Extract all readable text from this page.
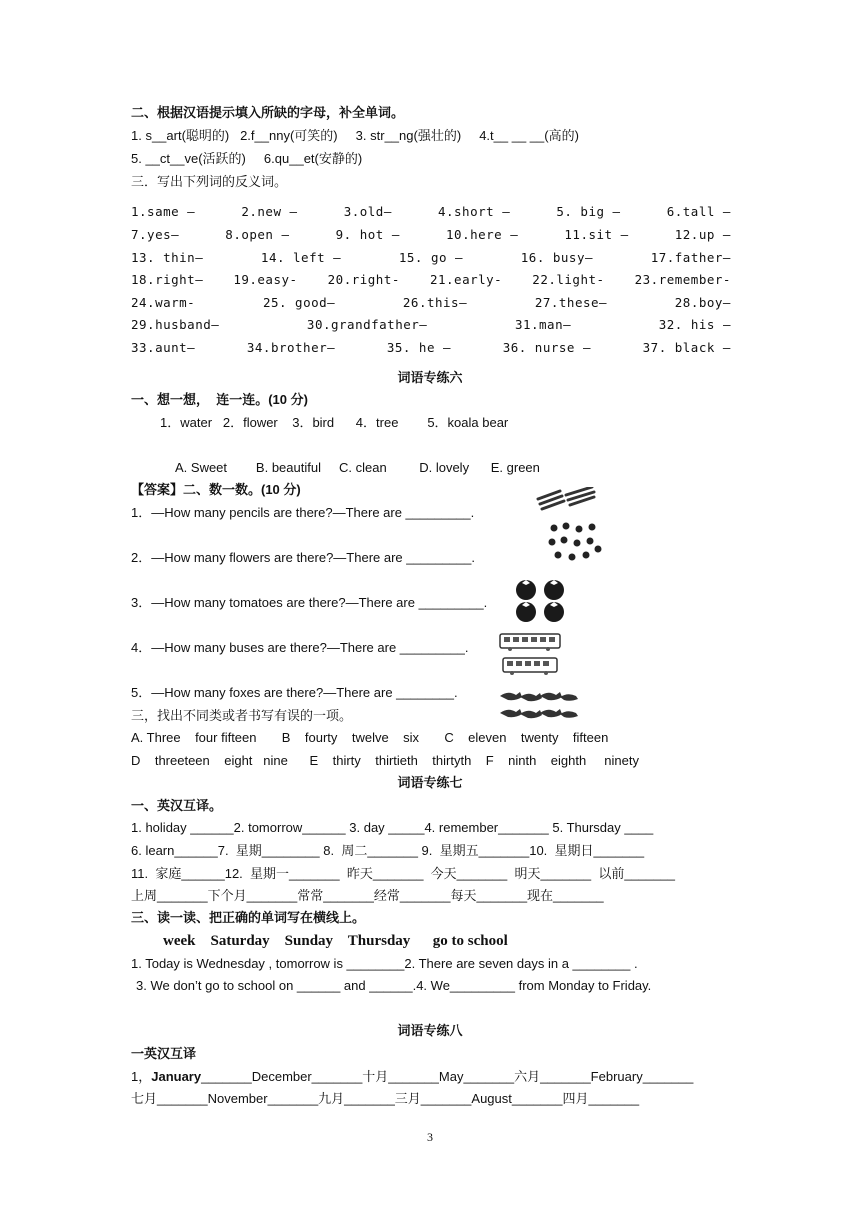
二、根据汉语提示填入所缺的字母，补全单词。
1. s__art(聪明的)   2.f__nny(可笑的)     3. str__ng(强壮的)     4.t__ __ __(高的)
5. __ct__ve(活跃的)     6.qu__et(安静的)
三．写出下列词的反义词。
1.same —	2.new —	3.old—	4.short —	5. big —	6.tall —
7.yes—	8.open —	9. hot —	10.here —	11.sit —	12.up —
13. thin—	14. left —	15. go —	16. busy—	17.father—
18.right— 19.easy- 20.right- 21.early- 22.light- 23.remember-
24.warm-	25. good—	26.this—	27.these—	28.boy—
29.husband—	30.grandfather—	31.man—	32. his —
33.aunt—	34.brother—	35. he —	36. nurse —	37. black —
词语专练六
一、想一想，  连一连。(10 分)
1．water   2．flower    3．bird      4．tree        5．koala bear
A. Sweet        B. beautiful     C. clean         D. lovely      E. green
【答案】二、数一数。(10 分)
1．—How many pencils are there?—There are _________.
2．—How many flowers are there?—There are _________.
3．—How many tomatoes are there?—There are _________.
4．—How many buses are there?—There are _________.
5．—How many foxes are there?—There are ________.
三，找出不同类或者书写有误的一项。
A. Three    four fifteen       B    fourty    twelve    six       C    eleven    twenty    fifteen
D    threeteen    eight   nine      E    thirty    thirtieth    thirtyth    F    ninth    eighth     ninety
词语专练七
一、英汉互译。
1. holiday ______2. tomorrow______ 3. day _____4. remember_______ 5. Thursday ____
6. learn______7.  星期________ 8.  周二_______ 9.  星期五_______10.  星期日_______
11.  家庭______12.  星期一_______  昨天_______  今天_______  明天_______  以前_______
上周_______下个月_______常常_______经常_______每天_______现在_______
三、读一读、把正确的单词写在横线上。
week    Saturday    Sunday    Thursday      go to school
1. Today is Wednesday , tomorrow is ________2. There are seven days in a ________ .
3. We don’t go to school on ______ and ______.4. We_________ from Monday to Friday.
词语专练八
一英汉互译
1，January_______December_______十月_______May_______六月_______February_______
七月_______November_______九月_______三月_______August_______四月_______
3
